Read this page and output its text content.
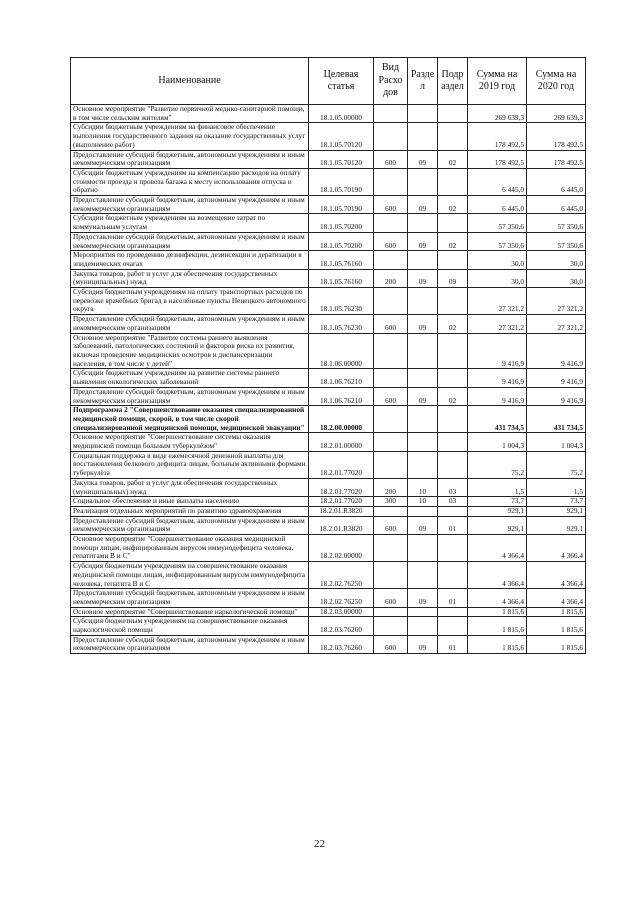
Наименование	Целевая статья	Вид Расхо дов	Разде л	Подр аздел	Сумма на 2019 год	Сумма на 2020 год
Основное мероприятие "Развитие первичной медико-санитарной помощи, в том числе сельским жителям"	18.1.05.00000				269 639,3	269 639,3
Субсидии бюджетным учреждениям на финансовое обеспечение выполнения государственного задания на оказание государственных услуг (выполнение работ)	18.1.05.70120				178 492,5	178 492,5
Предоставление субсидий бюджетным, автономным учреждениям и иным некоммерческим организациям	18.1.05.70120	600	09	02	178 492,5	178 492,5
Субсидии бюджетным учреждениям на компенсацию расходов на оплату стоимости проезда и провоза багажа к месту использования отпуска и обратно	18.1.05.70190				6 445,0	6 445,0
Предоставление субсидий бюджетным, автономным учреждениям и иным некоммерческим организациям	18.1.05.70190	600	09	02	6 445,0	6 445,0
Субсидии бюджетным учреждениям на возмещение затрат по коммунальным услугам	18.1.05.70200				57 350,6	57 350,6
Предоставление субсидий бюджетным, автономным учреждениям и иным некоммерческим организациям	18.1.05.70200	600	09	02	57 350,6	57 350,6
Мероприятия по проведению дезинфекции, дезинсекции и дератизации в эпидемических очагах	18.1.05.76160				30,0	30,0
Закупка товаров, работ и услуг для обеспечения государственных (муниципальных) нужд	18.1.05.76160	200	09	09	30,0	30,0
Субсидия бюджетным учреждениям на оплату транспортных расходов по перевозке врачебных бригад в населённые пункты Ненецкого автономного округа	18.1.05.76230				27 321,2	27 321,2
Предоставление субсидий бюджетным, автономным учреждениям и иным некоммерческим организациям	18.1.05.76230	600	09	02	27 321,2	27 321,2
Основное мероприятие "Развитие системы раннего выявления заболеваний, патологических состояний и факторов риска их развития, включая проведение медицинских осмотров и диспансеризации населения, в том числе у детей"	18.1.06.00000				9 416,9	9 416,9
Субсидии бюджетным учреждениям на развитие системы раннего выявления онкологических заболеваний	18.1.06.76210				9 416,9	9 416,9
Предоставление субсидий бюджетным, автономным учреждениям и иным некоммерческим организациям	18.1.06.76210	600	09	02	9 416,9	9 416,9
Подпрограмма 2 "Совершенствование оказания специализированной медицинской помощи, скорой, в том числе скорой специализированной медицинской помощи, медицинской эвакуации"	18.2.00.00000				431 734,5	431 734,5
Основное мероприятие "Совершенствование системы оказания медицинской помощи больным туберкулёзом"	18.2.01.00000				1 004,3	1 004,3
Социальная поддержка в виде ежемесячной денежной выплаты для восстановления белкового дефицита лицам, больным активными формами туберкулёза	18.2.01.77020				75,2	75,2
Закупка товаров, работ и услуг для обеспечения государственных (муниципальных) нужд	18.2.01.77020	200	10	03	1,5	1,5
Социальное обеспечение и иные выплаты населению	18.2.01.77020	300	10	03	73,7	73,7
Реализация отдельных мероприятий по развитию здравоохранения	18.2.01.R3820				929,1	929,1
Предоставление субсидий бюджетным, автономным учреждениям и иным некоммерческим организациям	18.2.01.R3820	600	09	01	929,1	929,1
Основное мероприятие "Совершенствование оказания медицинской помощи лицам, инфицированным вирусом иммунодефицита человека, гепатитами В и С"	18.2.02.00000				4 366,4	4 366,4
Субсидия бюджетным учреждениям на совершенствование оказания медицинской помощи лицам, инфицированным вирусом иммунодефицита человека, гепатита В и С	18.2.02.76250				4 366,4	4 366,4
Предоставление субсидий бюджетным, автономным учреждениям и иным некоммерческим организациям	18.2.02.76250	600	09	01	4 366,4	4 366,4
Основное мероприятие "Совершенствование наркологической помощи"	18.2.03.00000				1 815,6	1 815,6
Субсидия бюджетным учреждениям на совершенствование оказания наркологической помощи	18.2.03.76260				1 815,6	1 815,6
Предоставление субсидий бюджетным, автономным учреждениям и иным некоммерческим организациям	18.2.03.76260	600	09	01	1 815,6	1 815,6
22
